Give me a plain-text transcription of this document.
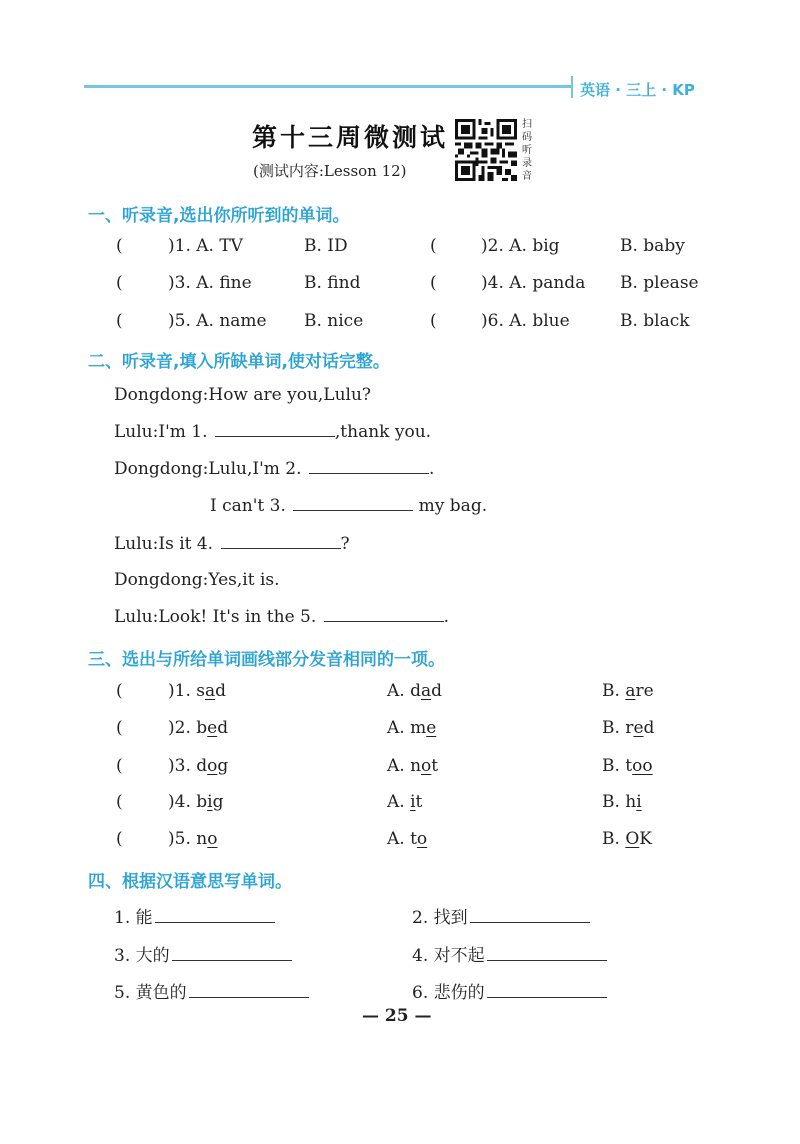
英语 · 三上 · KP
第十三周微测试
(测试内容:Lesson 12)
扫
码
听
录
音
一、听录音,选出你所听到的单词。
(	)1. A. TV	B. ID	(	)2. A. big	B. baby
(	)3. A. fine	B. find	(	)4. A. panda B. please
(	)5. A. name B. nice	(	)6. A. blue	B. black
二、听录音,填入所缺单词,使对话完整。
Dongdong:How are you,Lulu?
Lulu:I'm 1.	,thank you.
Dongdong:Lulu,I'm 2.	.
I can't 3.	my bag.
Lulu:Is it 4.	?
Dongdong:Yes,it is.
Lulu:Look! It's in the 5.	.
三、选出与所给单词画线部分发音相同的一项。
(	)1. sad	A. dad	B. are
(	)2. bed	A. me	B. red
(	)3. dog	A. not	B. too
(	)4. big	A. it	B. hi
(	)5. no	A. to	B. OK
四、根据汉语意思写单词。
1. 能	2. 找到
3. 大的	4. 对不起
5. 黄色的	6. 悲伤的
— 25 —
